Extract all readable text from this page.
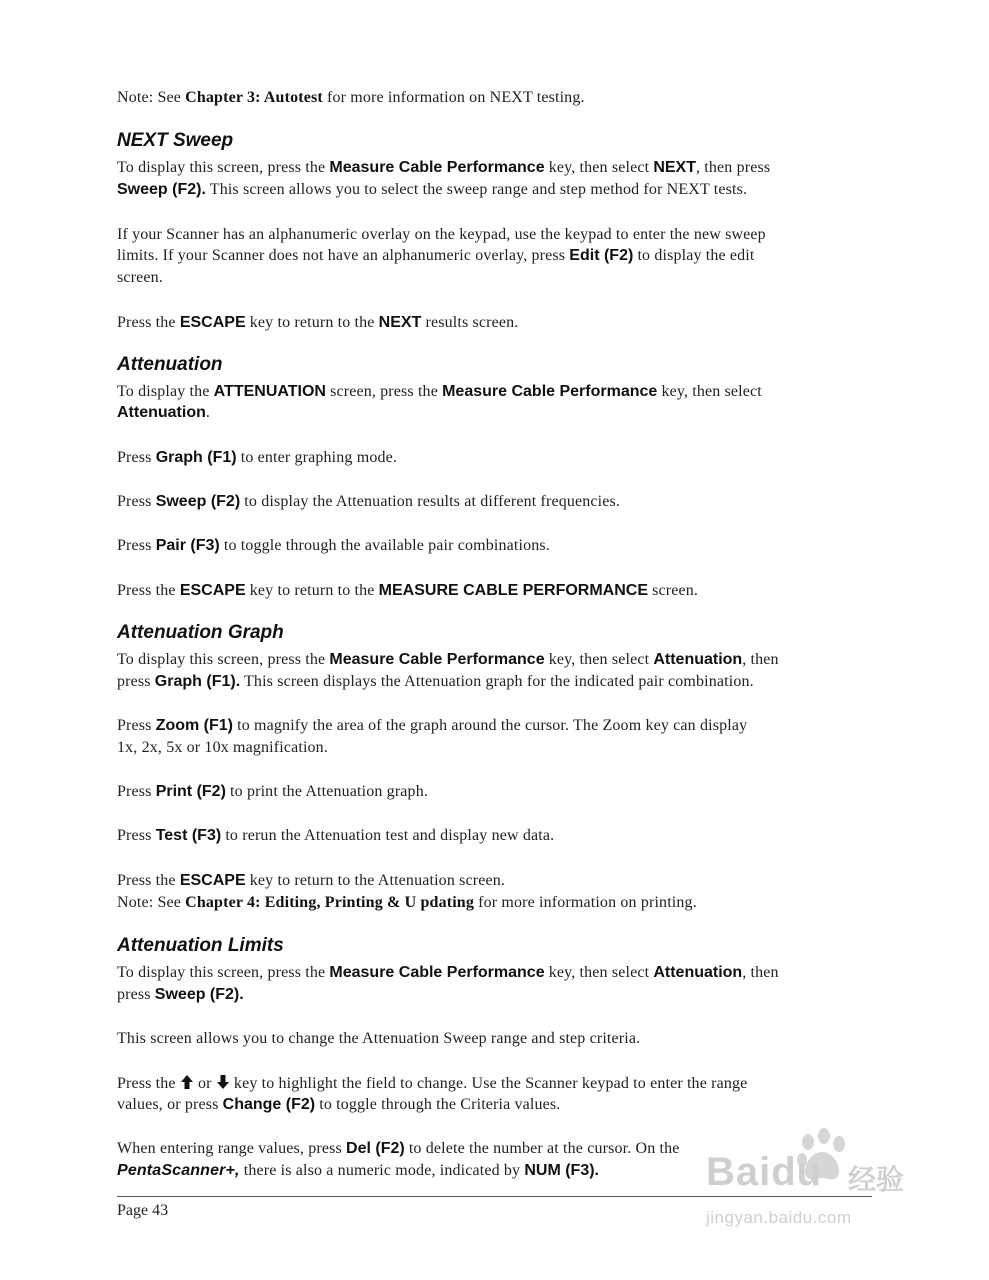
Note: See Chapter 3: Autotest for more information on NEXT testing.
NEXT Sweep
To display this screen, press the Measure Cable Performance key, then select NEXT, then press
Sweep (F2). This screen allows you to select the sweep range and step method for NEXT tests.
If your Scanner has an alphanumeric overlay on the keypad, use the keypad to enter the new sweep
limits. If your Scanner does not have an alphanumeric overlay, press Edit (F2) to display the edit
screen.
Press the ESCAPE key to return to the NEXT results screen.
Attenuation
To display the ATTENUATION screen, press the Measure Cable Performance key, then select
Attenuation.
Press Graph (F1) to enter graphing mode.
Press Sweep (F2) to display the Attenuation results at different frequencies.
Press Pair (F3) to toggle through the available pair combinations.
Press the ESCAPE key to return to the MEASURE CABLE PERFORMANCE screen.
Attenuation Graph
To display this screen, press the Measure Cable Performance key, then select Attenuation, then
press Graph (F1). This screen displays the Attenuation graph for the indicated pair combination.
Press Zoom (F1) to magnify the area of the graph around the cursor. The Zoom key can display
1x, 2x, 5x or 10x magnification.
Press Print (F2) to print the Attenuation graph.
Press Test (F3) to rerun the Attenuation test and display new data.
Press the ESCAPE key to return to the Attenuation screen.
Note: See Chapter 4: Editing, Printing & U pdating for more information on printing.
Attenuation Limits
To display this screen, press the Measure Cable Performance key, then select Attenuation, then
press Sweep (F2).
This screen allows you to change the Attenuation Sweep range and step criteria.
Press the  or  key to highlight the field to change. Use the Scanner keypad to enter the range
values, or press Change (F2) to toggle through the Criteria values.
When entering range values, press Del (F2) to delete the number at the cursor. On the
PentaScanner+, there is also a numeric mode, indicated by NUM (F3).
Page 43
Baidu 经验
jingyan.baidu.com
